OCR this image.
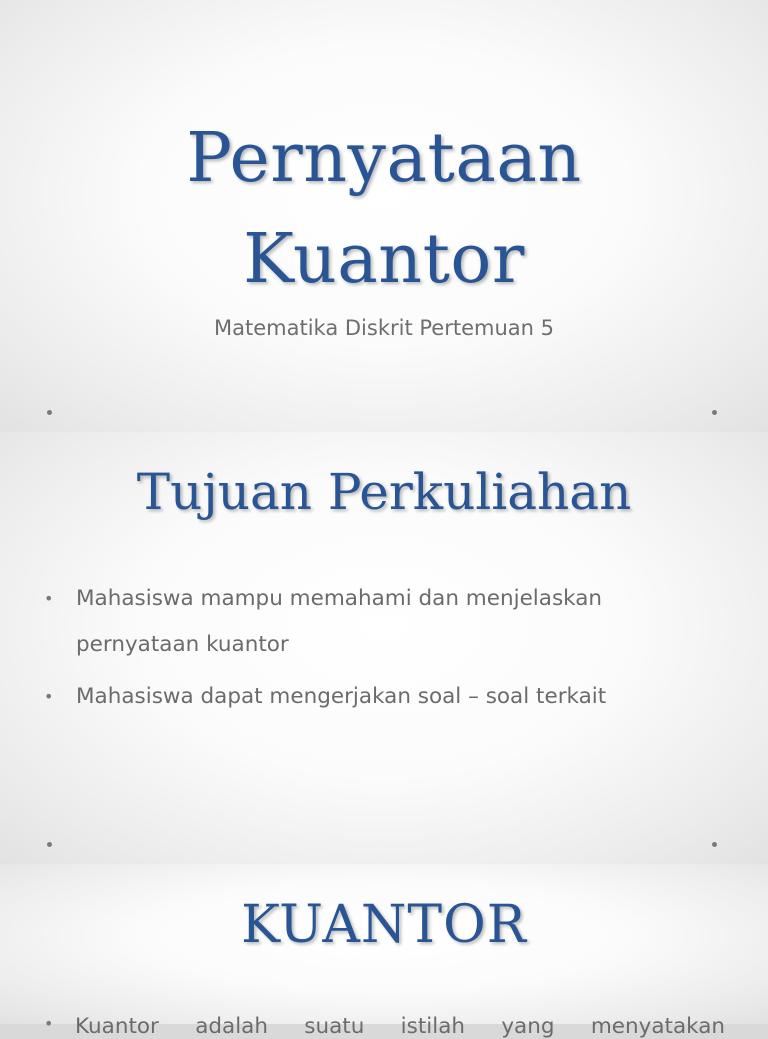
Pernyataan
Kuantor
Matematika Diskrit Pertemuan 5
Tujuan Perkuliahan
• Mahasiswa mampu memahami dan menjelaskan pernyataan kuantor
• Mahasiswa dapat mengerjakan soal – soal terkait
KUANTOR
• Kuantor adalah suatu istilah yang menyatakan
